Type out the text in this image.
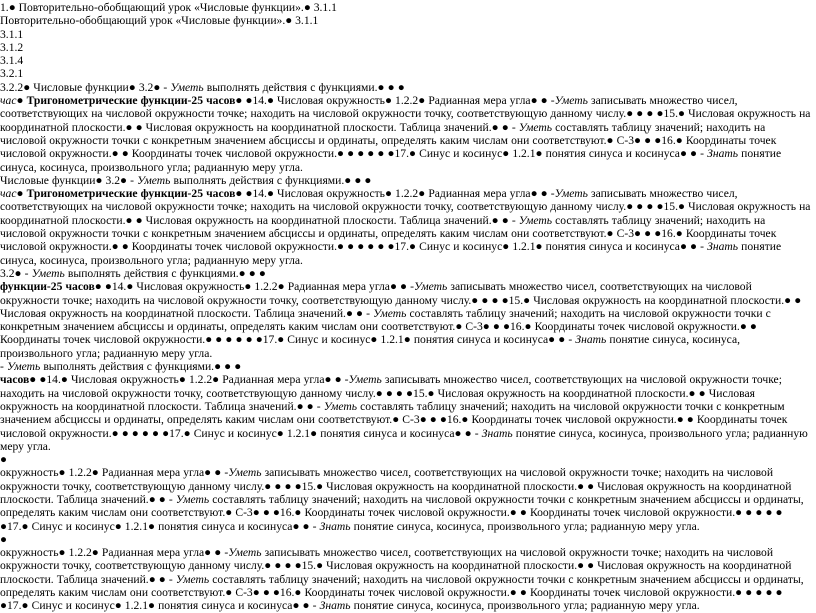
1.● Повторительно-обобщающий урок «Числовые функции».● 3.1.1
Повторительно-обобщающий урок «Числовые функции».● 3.1.1
3.1.1
3.1.2
3.1.4
3.2.1
3.2.2● Числовые функции● 3.2● - Уметь выполнять действия с функциями.● ● ●
час● Тригонометрические функции-25 часов● ●14.● Числовая окружность● 1.2.2● Радианная мера угла● ● -Уметь записывать множество чисел, соответствующих на числовой окружности точке; находить на числовой окружности точку, соответствующую данному числу.● ● ● ●15.● Числовая окружность на координатной плоскости.● ● Числовая окружность на координатной плоскости. Таблица значений.● ● - Уметь составлять таблицу значений; находить на числовой окружности точки с конкретным значением абсциссы и ординаты, определять каким числам они соответствуют.● С-3● ● ●16.● Координаты точек числовой окружности.● ● Координаты точек числовой окружности.● ● ● ● ● ●17.● Синус и косинус● 1.2.1● понятия синуса и косинуса● ● - Знать понятие синуса, косинуса, произвольного угла; радианную меру угла.
Числовые функции● 3.2● - Уметь выполнять действия с функциями.● ● ●
час● Тригонометрические функции-25 часов● ●14.● Числовая окружность● 1.2.2● Радианная мера угла● ● -Уметь записывать множество чисел, соответствующих на числовой окружности точке; находить на числовой окружности точку, соответствующую данному числу.● ● ● ●15.● Числовая окружность на координатной плоскости.● ● Числовая окружность на координатной плоскости. Таблица значений.● ● - Уметь составлять таблицу значений; находить на числовой окружности точки с конкретным значением абсциссы и ординаты, определять каким числам они соответствуют.● С-3● ● ●16.● Координаты точек числовой окружности.● ● Координаты точек числовой окружности.● ● ● ● ● ●17.● Синус и косинус● 1.2.1● понятия синуса и косинуса● ● - Знать понятие синуса, косинуса, произвольного угла; радианную меру угла.
3.2● - Уметь выполнять действия с функциями.● ● ●
функции-25 часов● ●14.● Числовая окружность● 1.2.2● Радианная мера угла● ● -Уметь записывать множество чисел, соответствующих на числовой окружности точке; находить на числовой окружности точку, соответствующую данному числу.● ● ● ●15.● Числовая окружность на координатной плоскости.● ● Числовая окружность на координатной плоскости. Таблица значений.● ● - Уметь составлять таблицу значений; находить на числовой окружности точки с конкретным значением абсциссы и ординаты, определять каким числам они соответствуют.● С-3● ● ●16.● Координаты точек числовой окружности.● ● Координаты точек числовой окружности.● ● ● ● ● ●17.● Синус и косинус● 1.2.1● понятия синуса и косинуса● ● - Знать понятие синуса, косинуса, произвольного угла; радианную меру угла.
- Уметь выполнять действия с функциями.● ● ●
часов● ●14.● Числовая окружность● 1.2.2● Радианная мера угла● ● -Уметь записывать множество чисел, соответствующих на числовой окружности точке; находить на числовой окружности точку, соответствующую данному числу.● ● ● ●15.● Числовая окружность на координатной плоскости.● ● Числовая окружность на координатной плоскости. Таблица значений.● ● - Уметь составлять таблицу значений; находить на числовой окружности точки с конкретным значением абсциссы и ординаты, определять каким числам они соответствуют.● С-3● ● ●16.● Координаты точек числовой окружности.● ● Координаты точек числовой окружности.● ● ● ● ● ●17.● Синус и косинус● 1.2.1● понятия синуса и косинуса● ● - Знать понятие синуса, косинуса, произвольного угла; радианную меру угла.
●
окружность● 1.2.2● Радианная мера угла● ● -Уметь записывать множество чисел, соответствующих на числовой окружности точке; находить на числовой окружности точку, соответствующую данному числу.● ● ● ●15.● Числовая окружность на координатной плоскости.● ● Числовая окружность на координатной плоскости. Таблица значений.● ● - Уметь составлять таблицу значений; находить на числовой окружности точки с конкретным значением абсциссы и ординаты, определять каким числам они соответствуют.● С-3● ● ●16.● Координаты точек числовой окружности.● ● Координаты точек числовой окружности.● ● ● ● ● ●17.● Синус и косинус● 1.2.1● понятия синуса и косинуса● ● - Знать понятие синуса, косинуса, произвольного угла; радианную меру угла.
●
окружность● 1.2.2● Радианная мера угла● ● -Уметь записывать множество чисел, соответствующих на числовой окружности точке; находить на числовой окружности точку, соответствующую данному числу.● ● ● ●15.● Числовая окружность на координатной плоскости.● ● Числовая окружность на координатной плоскости. Таблица значений.● ● - Уметь составлять таблицу значений; находить на числовой окружности точки с конкретным значением абсциссы и ординаты, определять каким числам они соответствуют.● С-3● ● ●16.● Координаты точек числовой окружности.● ● Координаты точек числовой окружности.● ● ● ● ● ●17.● Синус и косинус● 1.2.1● понятия синуса и косинуса● ● - Знать понятие синуса, косинуса, произвольного угла; радианную меру угла.
